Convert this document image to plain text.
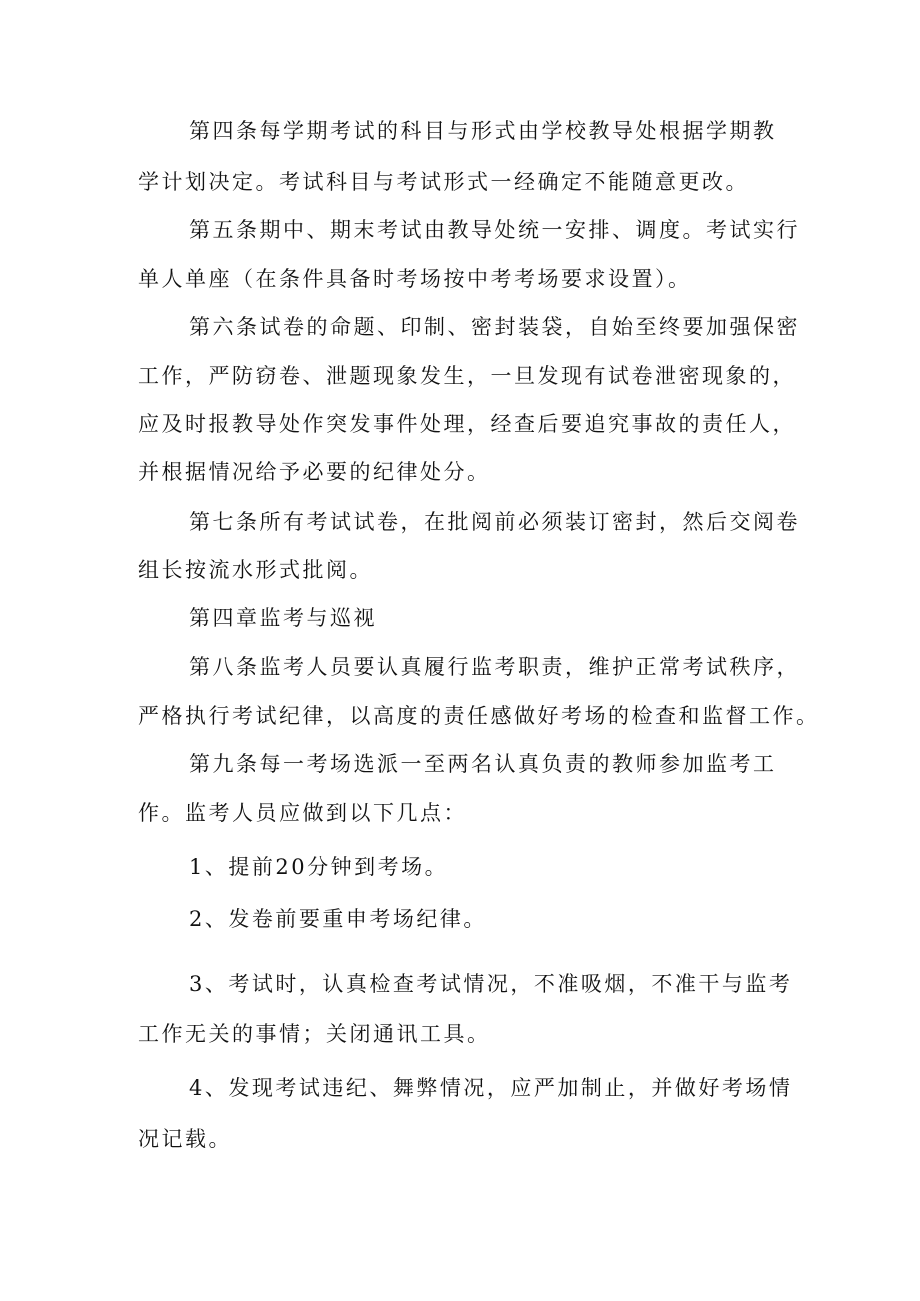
第四条每学期考试的科目与形式由学校教导处根据学期教
学计划决定。考试科目与考试形式一经确定不能随意更改。
第五条期中、期末考试由教导处统一安排、调度。考试实行
单人单座（在条件具备时考场按中考考场要求设置）。
第六条试卷的命题、印制、密封装袋，自始至终要加强保密
工作，严防窃卷、泄题现象发生，一旦发现有试卷泄密现象的，
应及时报教导处作突发事件处理，经查后要追究事故的责任人，
并根据情况给予必要的纪律处分。
第七条所有考试试卷，在批阅前必须装订密封，然后交阅卷
组长按流水形式批阅。
第四章监考与巡视
第八条监考人员要认真履行监考职责，维护正常考试秩序，
严格执行考试纪律，以高度的责任感做好考场的检查和监督工作。
第九条每一考场选派一至两名认真负责的教师参加监考工
作。监考人员应做到以下几点：
1、提前20分钟到考场。
2、发卷前要重申考场纪律。
3、考试时，认真检查考试情况，不准吸烟，不准干与监考
工作无关的事情；关闭通讯工具。
4、发现考试违纪、舞弊情况，应严加制止，并做好考场情
况记载。
